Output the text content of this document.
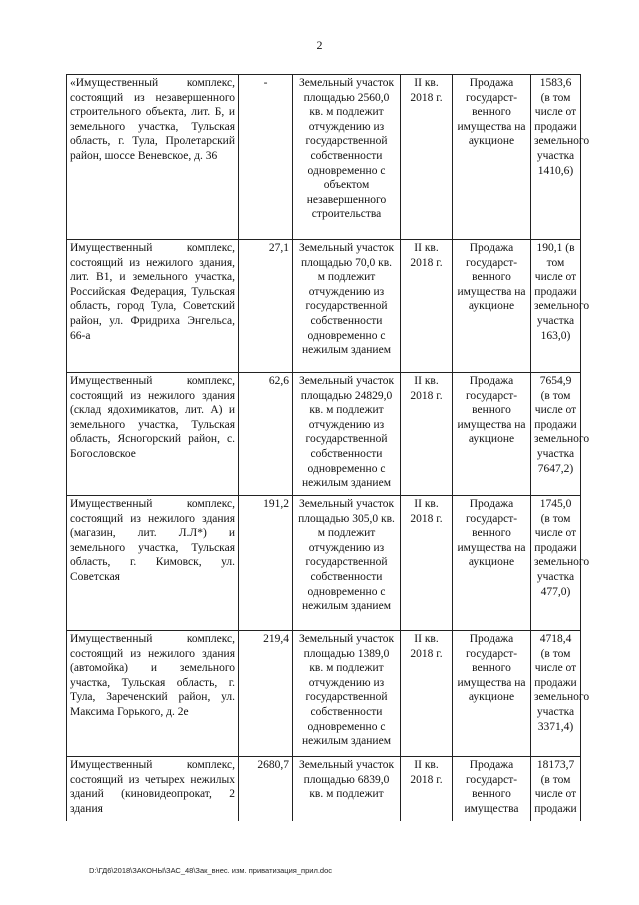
2
«Имущественный комплекс, состоящий из незавершенного строительного объекта, лит. Б, и земельного участка, Тульская область, г. Тула, Пролетарский район, шоссе Веневское, д. 36	-	Земельный участок площадью 2560,0 кв. м подлежит отчуждению из государственной собственности одновременно с объектом незавершенного строительства	II кв. 2018 г.	Продажа государст-венного имущества на аукционе	1583,6 (в том числе от продажи земельного участка 1410,6)
Имущественный комплекс, состоящий из нежилого здания, лит. В1, и земельного участка, Российская Федерация, Тульская область, город Тула, Советский район, ул. Фридриха Энгельса, 66-а	27,1	Земельный участок площадью 70,0 кв. м подлежит отчуждению из государственной собственности одновременно с нежилым зданием	II кв. 2018 г.	Продажа государст-венного имущества на аукционе	190,1 (в том числе от продажи земельного участка 163,0)
Имущественный комплекс, состоящий из нежилого здания (склад ядохимикатов, лит. А) и земельного участка, Тульская область, Ясногорский район, с. Богословское	62,6	Земельный участок площадью 24829,0 кв. м подлежит отчуждению из государственной собственности одновременно с нежилым зданием	II кв. 2018 г.	Продажа государст-венного имущества на аукционе	7654,9 (в том числе от продажи земельного участка 7647,2)
Имущественный комплекс, состоящий из нежилого здания (магазин, лит. Л.Л*) и земельного участка, Тульская область, г. Кимовск, ул. Советская	191,2	Земельный участок площадью 305,0 кв. м подлежит отчуждению из государственной собственности одновременно с нежилым зданием	II кв. 2018 г.	Продажа государст-венного имущества на аукционе	1745,0 (в том числе от продажи земельного участка 477,0)
Имущественный комплекс, состоящий из нежилого здания (автомойка) и земельного участка, Тульская область, г. Тула, Зареченский район, ул. Максима Горького, д. 2е	219,4	Земельный участок площадью 1389,0 кв. м подлежит отчуждению из государственной собственности одновременно с нежилым зданием	II кв. 2018 г.	Продажа государст-венного имущества на аукционе	4718,4 (в том числе от продажи земельного участка 3371,4)
Имущественный комплекс, состоящий из четырех нежилых зданий (киновидеопрокат, 2 здания	2680,7	Земельный участок площадью 6839,0 кв. м подлежит	II кв. 2018 г.	Продажа государст-венного имущества	18173,7 (в том числе от продажи
D:\ГД6\2018\ЗАКОНЫ\ЗАС_48\Зак_внес. изм. приватизация_прил.doc
